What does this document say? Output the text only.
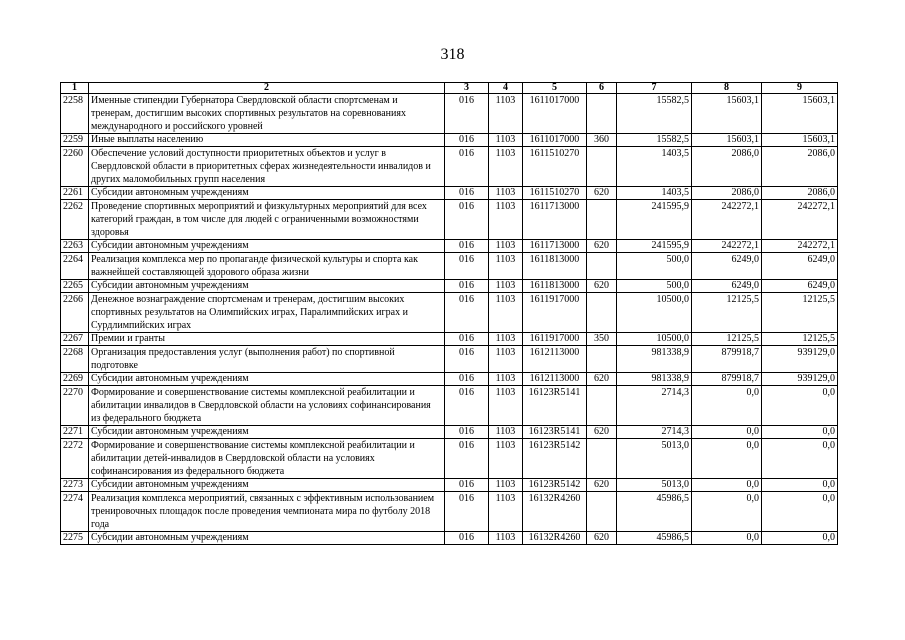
318
1	2	3	4	5	6	7	8	9
2258	Именные стипендии Губернатора Свердловской области спортсменам и тренерам, достигшим высоких спортивных результатов на соревнованиях международного и российского уровней	016	1103	1611017000		15582,5	15603,1	15603,1
2259	Иные выплаты населению	016	1103	1611017000	360	15582,5	15603,1	15603,1
2260	Обеспечение условий доступности приоритетных объектов и услуг в Свердловской области в приоритетных сферах жизнедеятельности инвалидов и других маломобильных групп населения	016	1103	1611510270		1403,5	2086,0	2086,0
2261	Субсидии автономным учреждениям	016	1103	1611510270	620	1403,5	2086,0	2086,0
2262	Проведение спортивных мероприятий и физкультурных мероприятий для всех категорий граждан, в том числе для людей с ограниченными возможностями здоровья	016	1103	1611713000		241595,9	242272,1	242272,1
2263	Субсидии автономным учреждениям	016	1103	1611713000	620	241595,9	242272,1	242272,1
2264	Реализация комплекса мер по пропаганде физической культуры и спорта как важнейшей составляющей здорового образа жизни	016	1103	1611813000		500,0	6249,0	6249,0
2265	Субсидии автономным учреждениям	016	1103	1611813000	620	500,0	6249,0	6249,0
2266	Денежное вознаграждение спортсменам и тренерам, достигшим высоких спортивных результатов на Олимпийских играх, Паралимпийских играх и Сурдлимпийских играх	016	1103	1611917000		10500,0	12125,5	12125,5
2267	Премии и гранты	016	1103	1611917000	350	10500,0	12125,5	12125,5
2268	Организация предоставления услуг (выполнения работ) по спортивной подготовке	016	1103	1612113000		981338,9	879918,7	939129,0
2269	Субсидии автономным учреждениям	016	1103	1612113000	620	981338,9	879918,7	939129,0
2270	Формирование и совершенствование системы комплексной реабилитации и абилитации инвалидов в Свердловской области на условиях софинансирования из федерального бюджета	016	1103	16123R5141		2714,3	0,0	0,0
2271	Субсидии автономным учреждениям	016	1103	16123R5141	620	2714,3	0,0	0,0
2272	Формирование и совершенствование системы комплексной реабилитации и абилитации детей-инвалидов в Свердловской области на условиях софинансирования из федерального бюджета	016	1103	16123R5142		5013,0	0,0	0,0
2273	Субсидии автономным учреждениям	016	1103	16123R5142	620	5013,0	0,0	0,0
2274	Реализация комплекса мероприятий, связанных с эффективным использованием тренировочных площадок после проведения чемпионата мира по футболу 2018 года	016	1103	16132R4260		45986,5	0,0	0,0
2275	Субсидии автономным учреждениям	016	1103	16132R4260	620	45986,5	0,0	0,0
